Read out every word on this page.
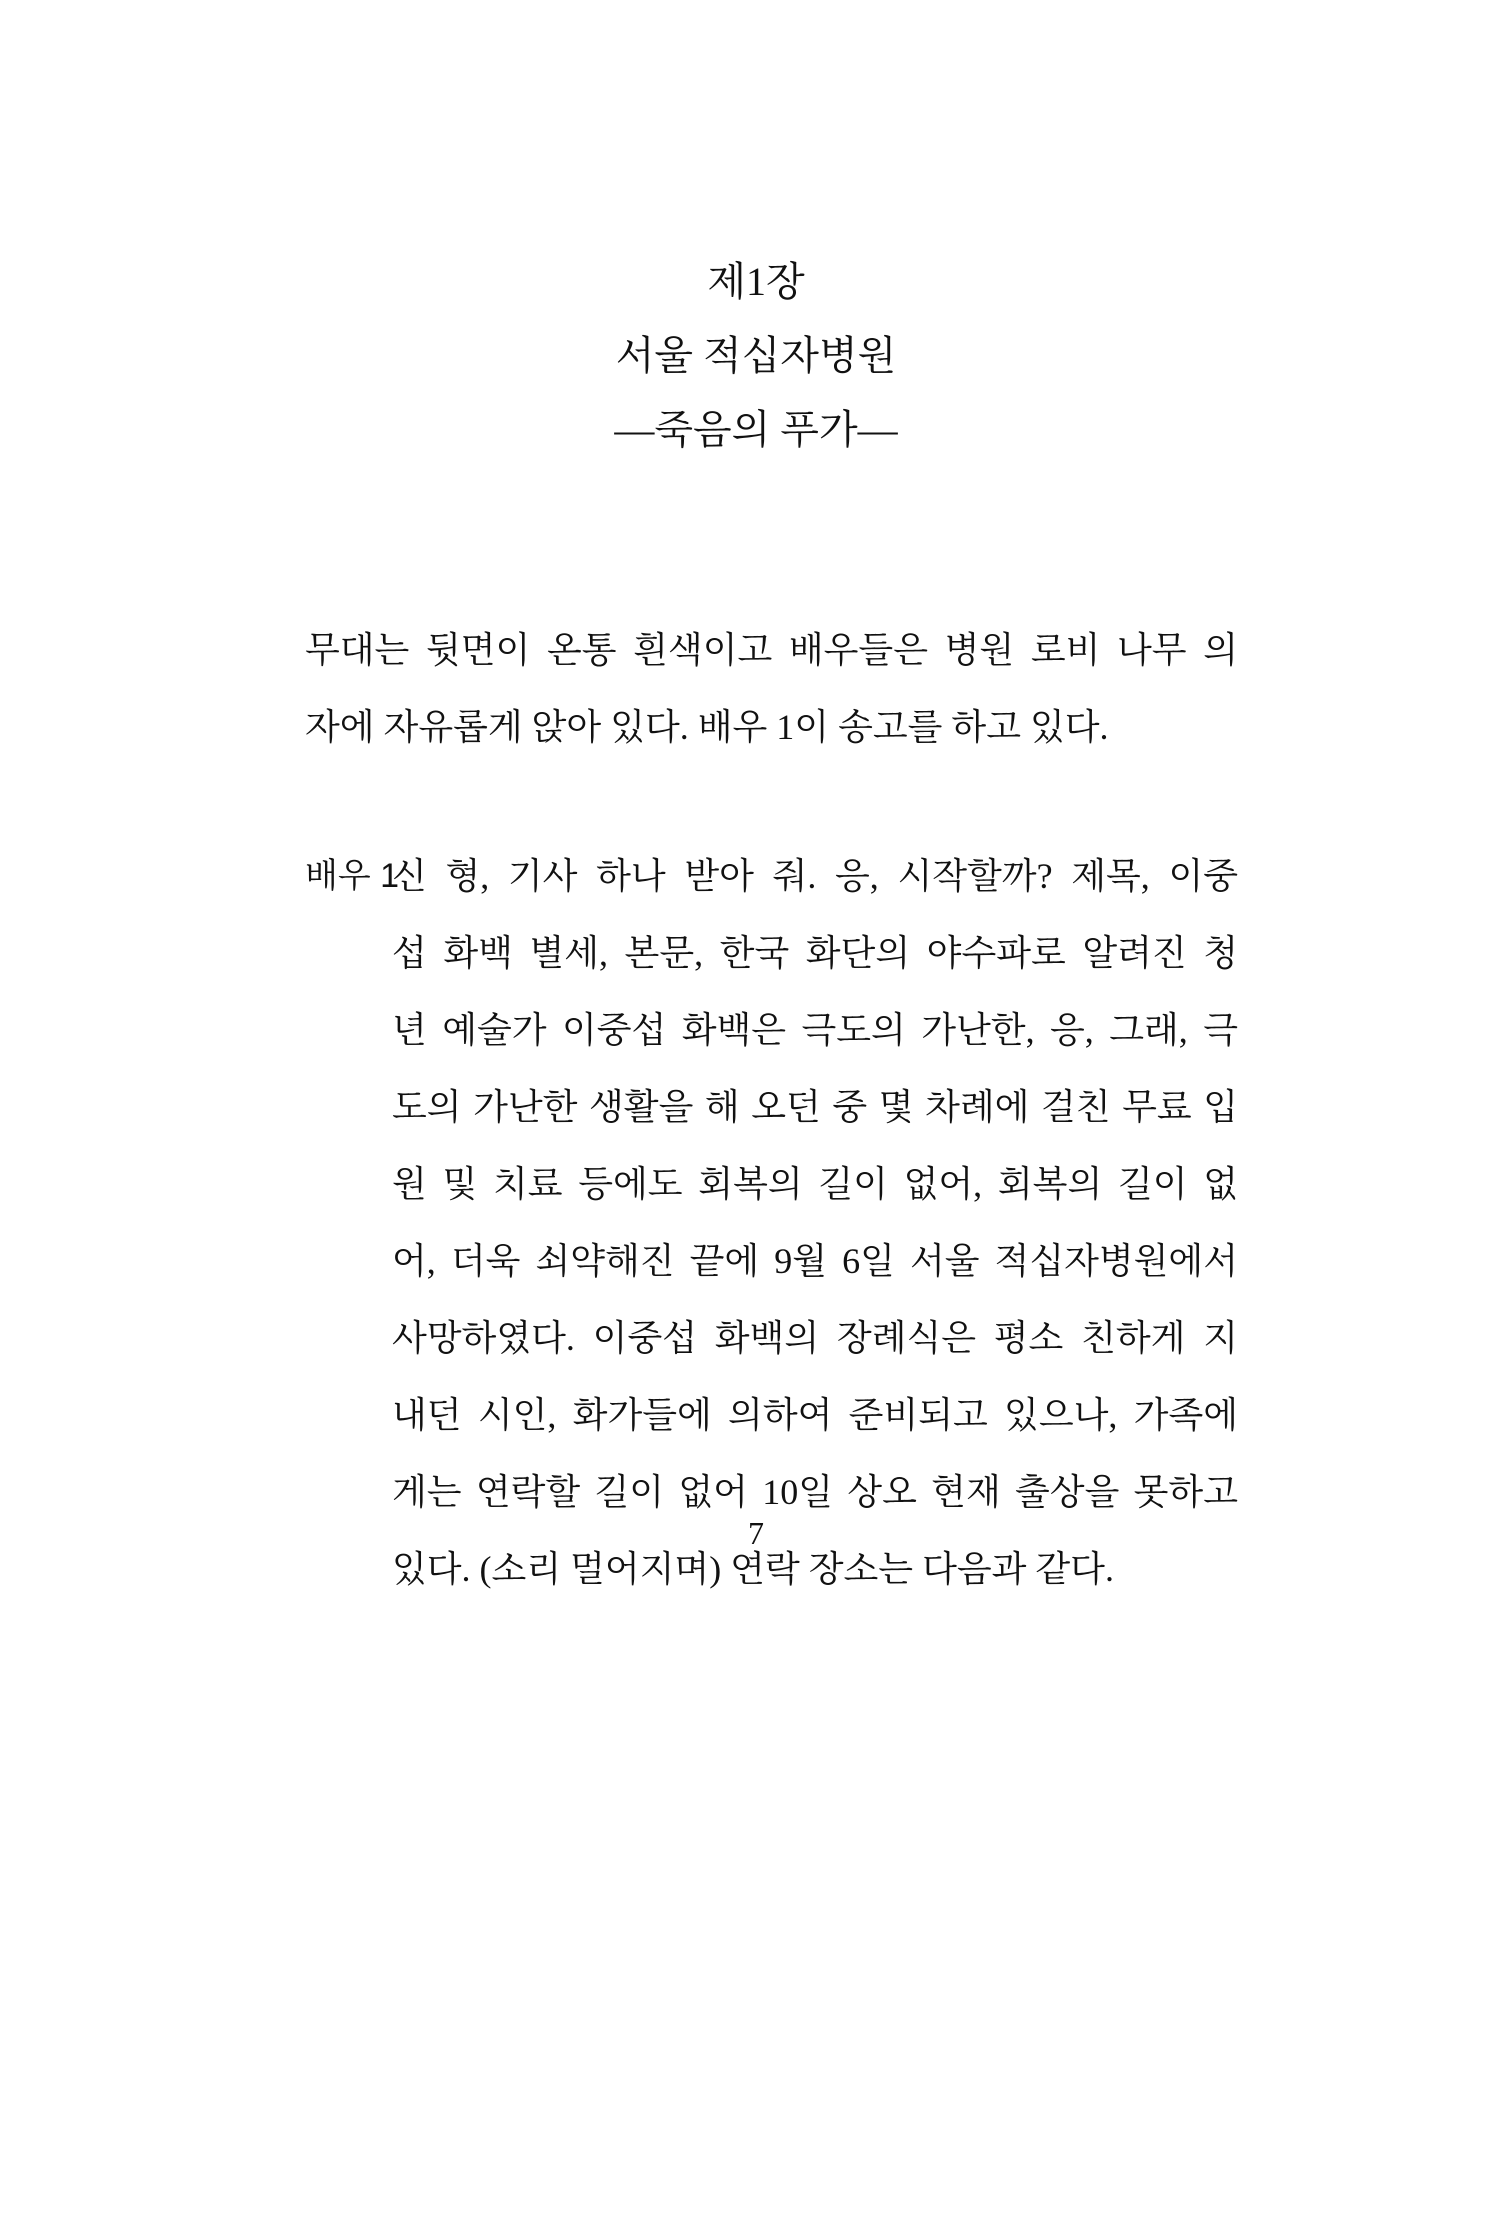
제1장
서울 적십자병원
―죽음의 푸가―
무대는 뒷면이 온통 흰색이고 배우들은 병원 로비 나무 의
자에 자유롭게 앉아 있다. 배우 1이 송고를 하고 있다.
배우 1
신 형, 기사 하나 받아 줘. 응, 시작할까? 제목, 이중
섭 화백 별세, 본문, 한국 화단의 야수파로 알려진 청
년 예술가 이중섭 화백은 극도의 가난한, 응, 그래, 극
도의 가난한 생활을 해 오던 중 몇 차례에 걸친 무료 입
원 및 치료 등에도 회복의 길이 없어, 회복의 길이 없
어, 더욱 쇠약해진 끝에 9월 6일 서울 적십자병원에서
사망하였다. 이중섭 화백의 장례식은 평소 친하게 지
내던 시인, 화가들에 의하여 준비되고 있으나, 가족에
게는 연락할 길이 없어 10일 상오 현재 출상을 못하고
있다. (소리 멀어지며) 연락 장소는 다음과 같다.
7
